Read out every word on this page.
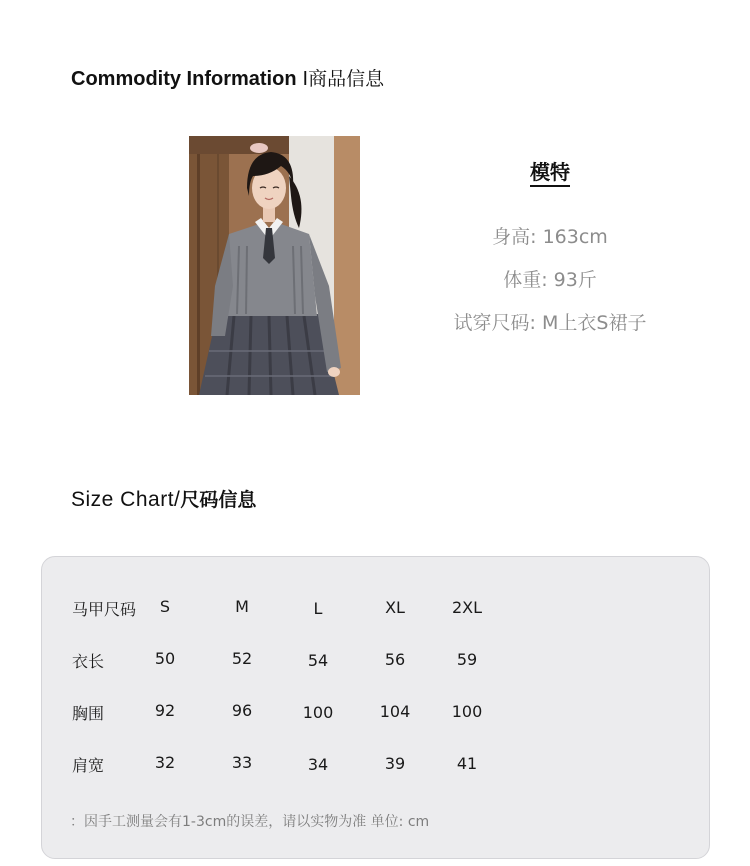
Commodity Information I商品信息
模特
身高: 163cm
体重: 93斤
试穿尺码: M上衣S裙子
Size Chart/尺码信息
马甲尺码 S	M	L	XL	2XL
衣长	50	52	54	56	59
胸围	92	96	100	104	100
肩宽	32	33	34	39	41
：因手工测量会有1-3cm的误差，请以实物为准 单位: cm
